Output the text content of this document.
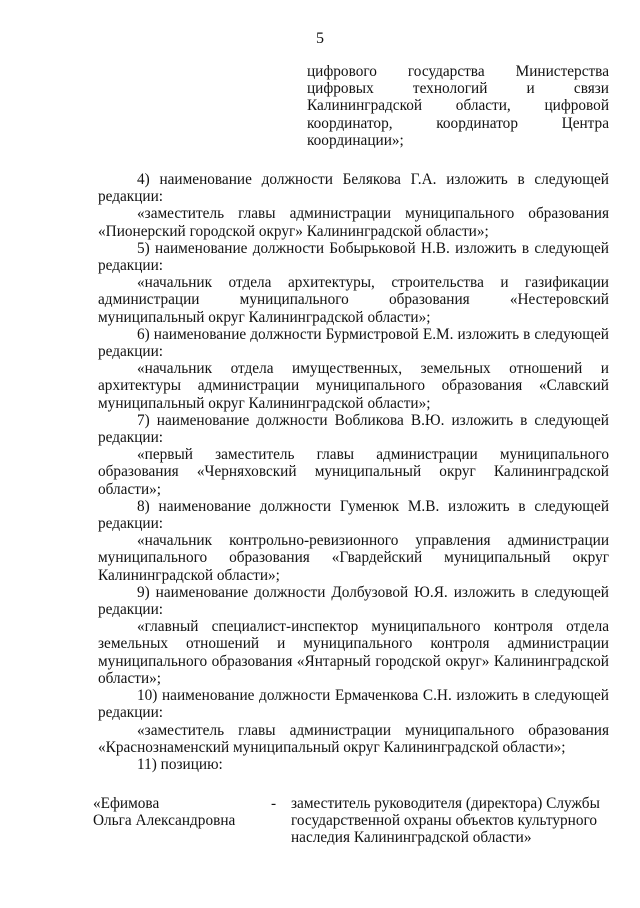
5
цифрового государства Министерства цифровых технологий и связи Калининградской области, цифровой координатор, координатор Центра координации»;

4) наименование должности Белякова Г.А. изложить в следующей редакции:

«заместитель главы администрации муниципального образования «Пионерский городской округ» Калининградской области»;

5) наименование должности Бобырьковой Н.В. изложить в следующей редакции:

«начальник отдела архитектуры, строительства и газификации администрации муниципального образования «Нестеровский муниципальный округ Калининградской области»;

6) наименование должности Бурмистровой Е.М. изложить в следующей редакции:

«начальник отдела имущественных, земельных отношений и архитектуры администрации муниципального образования «Славский муниципальный округ Калининградской области»;

7) наименование должности Вобликова В.Ю. изложить в следующей редакции:

«первый заместитель главы администрации муниципального образования «Черняховский муниципальный округ Калининградской области»;

8) наименование должности Гуменюк М.В. изложить в следующей редакции:

«начальник контрольно-ревизионного управления администрации муниципального образования «Гвардейский муниципальный округ Калининградской области»;

9) наименование должности Долбузовой Ю.Я. изложить в следующей редакции:

«главный специалист-инспектор муниципального контроля отдела земельных отношений и муниципального контроля администрации муниципального образования «Янтарный городской округ» Калининградской области»;

10) наименование должности Ермаченкова С.Н. изложить в следующей редакции:

«заместитель главы администрации муниципального образования «Краснознаменский муниципальный округ Калининградской области»;

11) позицию:

«Ефимова
Ольга Александровна
- заместитель руководителя (директора) Службы государственной охраны объектов культурного наследия Калининградской области»
